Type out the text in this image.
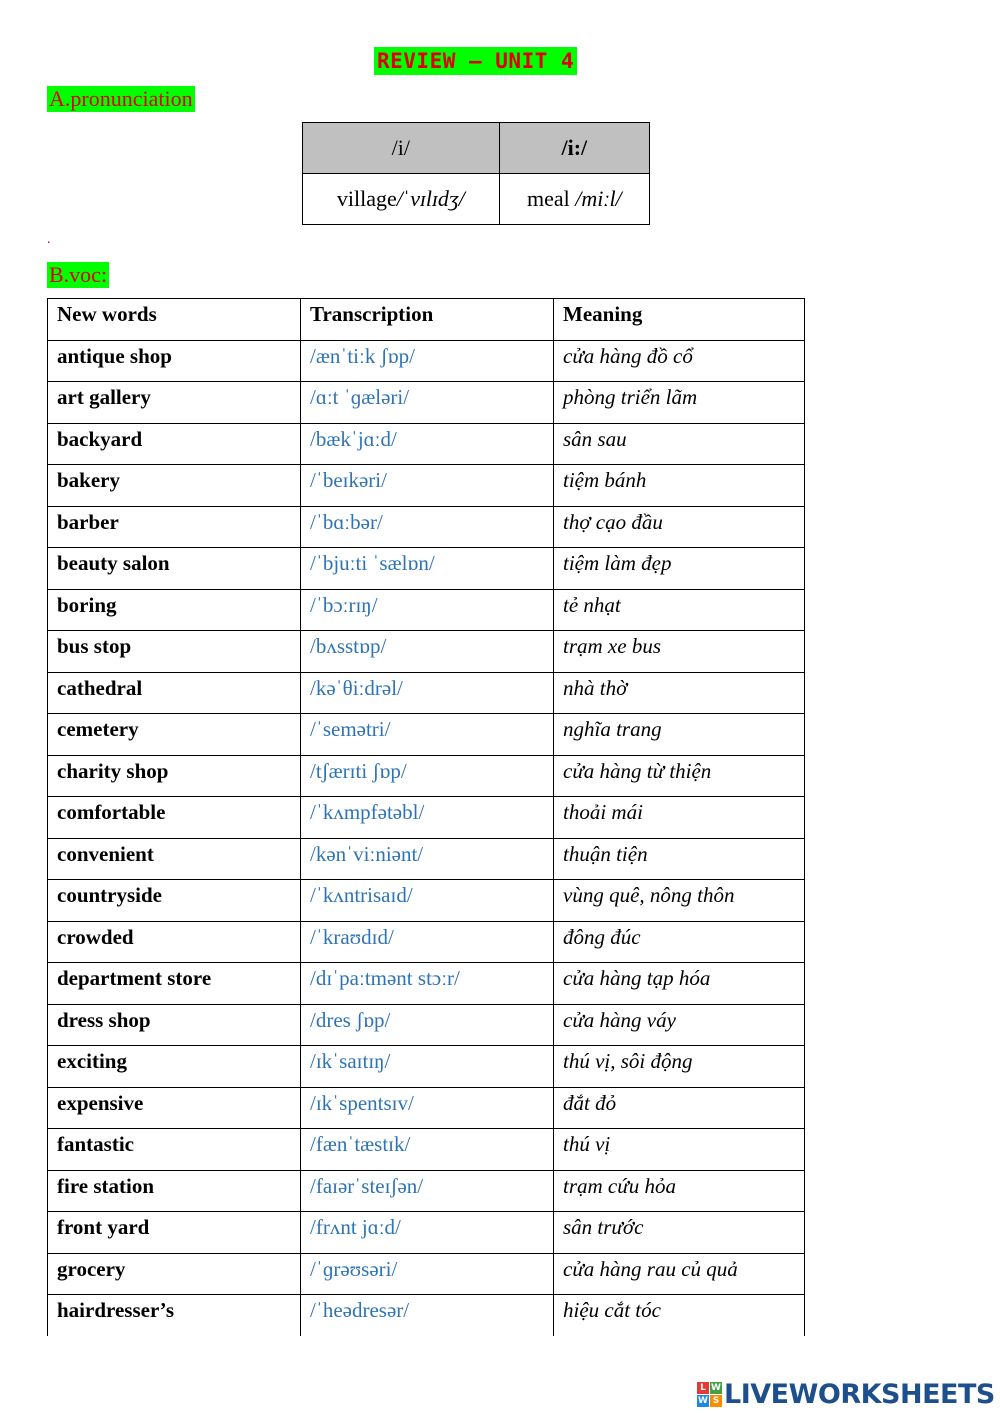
REVIEW – UNIT 4
A.pronunciation
/i/	/i:/
village/ˈvɪlɪdʒ/	meal /miːl/
.
B.voc:
New words	Transcription	Meaning
antique shop	/ænˈtiːk ʃɒp/	cửa hàng đồ cổ
art gallery	/ɑːt ˈɡæləri/	phòng triển lãm
backyard	/bækˈjɑːd/	sân sau
bakery	/ˈbeɪkəri/	tiệm bánh
barber	/ˈbɑːbər/	thợ cạo đầu
beauty salon	/ˈbjuːti ˈsælɒn/	tiệm làm đẹp
boring	/ˈbɔːrɪŋ/	tẻ nhạt
bus stop	/bʌsstɒp/	trạm xe bus
cathedral	/kəˈθiːdrəl/	nhà thờ
cemetery	/ˈsemətri/	nghĩa trang
charity shop	/tʃærɪti ʃɒp/	cửa hàng từ thiện
comfortable	/ˈkʌmpfətəbl/	thoải mái
convenient	/kənˈviːniənt/	thuận tiện
countryside	/ˈkʌntrisaɪd/	vùng quê, nông thôn
crowded	/ˈkraʊdɪd/	đông đúc
department store	/dɪˈpaːtmənt stɔːr/	cửa hàng tạp hóa
dress shop	/dres ʃɒp/	cửa hàng váy
exciting	/ɪkˈsaɪtɪŋ/	thú vị, sôi động
expensive	/ɪkˈspentsɪv/	đắt đỏ
fantastic	/fænˈtæstɪk/	thú vị
fire station	/faɪərˈsteɪʃən/	trạm cứu hỏa
front yard	/frʌnt jɑːd/	sân trước
grocery	/ˈɡrəʊsəri/	cửa hàng rau củ quả
hairdresser’s	/ˈheədresər/	hiệu cắt tóc
L W
W S LIVEWORKSHEETS
